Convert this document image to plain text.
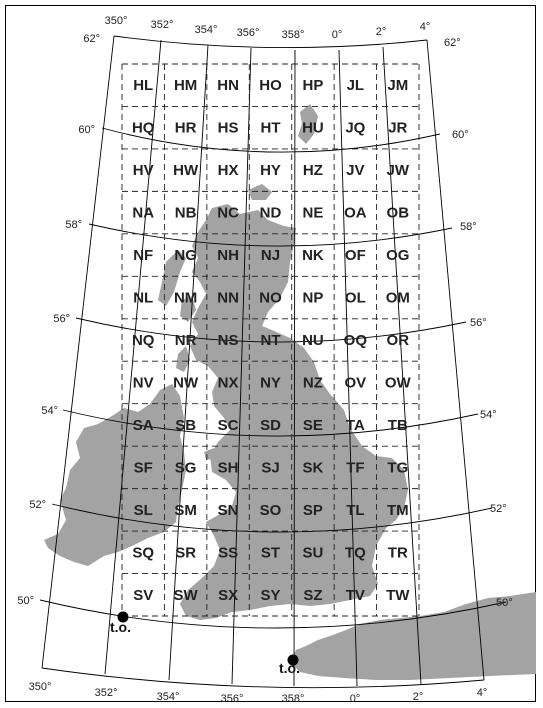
HL HM HN HO HP JL JM
HQ HR HS HT HU JQ JR
HV HW HX HY HZ JV JW
NA NB NC ND NE OA OB
NF NG NH NJ NK OF OG
NL NM NN NO NP OL OM
NQ NR NS NT NU OQ OR
NV NW NX NY NZ OV OW
SA SB SC SD SE TA TB
SF SG SH SJ SK TF TG
SL SM SN SO SP TL TM
SQ SR SS ST SU TQ TR
SV SW SX SY SZ TV TW
350° 352° 354° 356° 358° 0°	2°	4°
350°	352°	354°	356°	358°	0°	2°	4°
62°	62°
60°	60°
58°	58°
56°	56°
54°	54°
52°	52°
50°	50°
t.o.
t.o.
